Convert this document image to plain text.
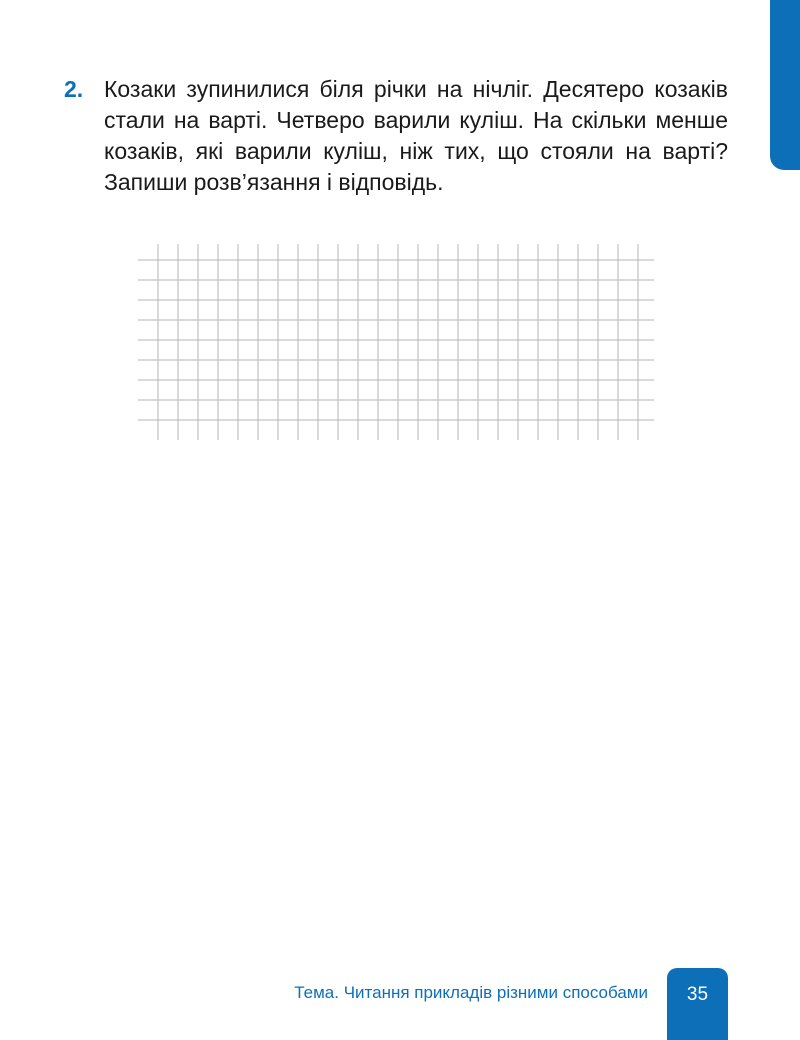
2. Козаки зупинилися біля річки на нічліг. Десятеро козаків стали на варті. Четверо варили куліш. На скільки менше козаків, які варили куліш, ніж тих, що стояли на варті? Запиши розв’язання і відповідь.
Тема. Читання прикладів різними способами	35
